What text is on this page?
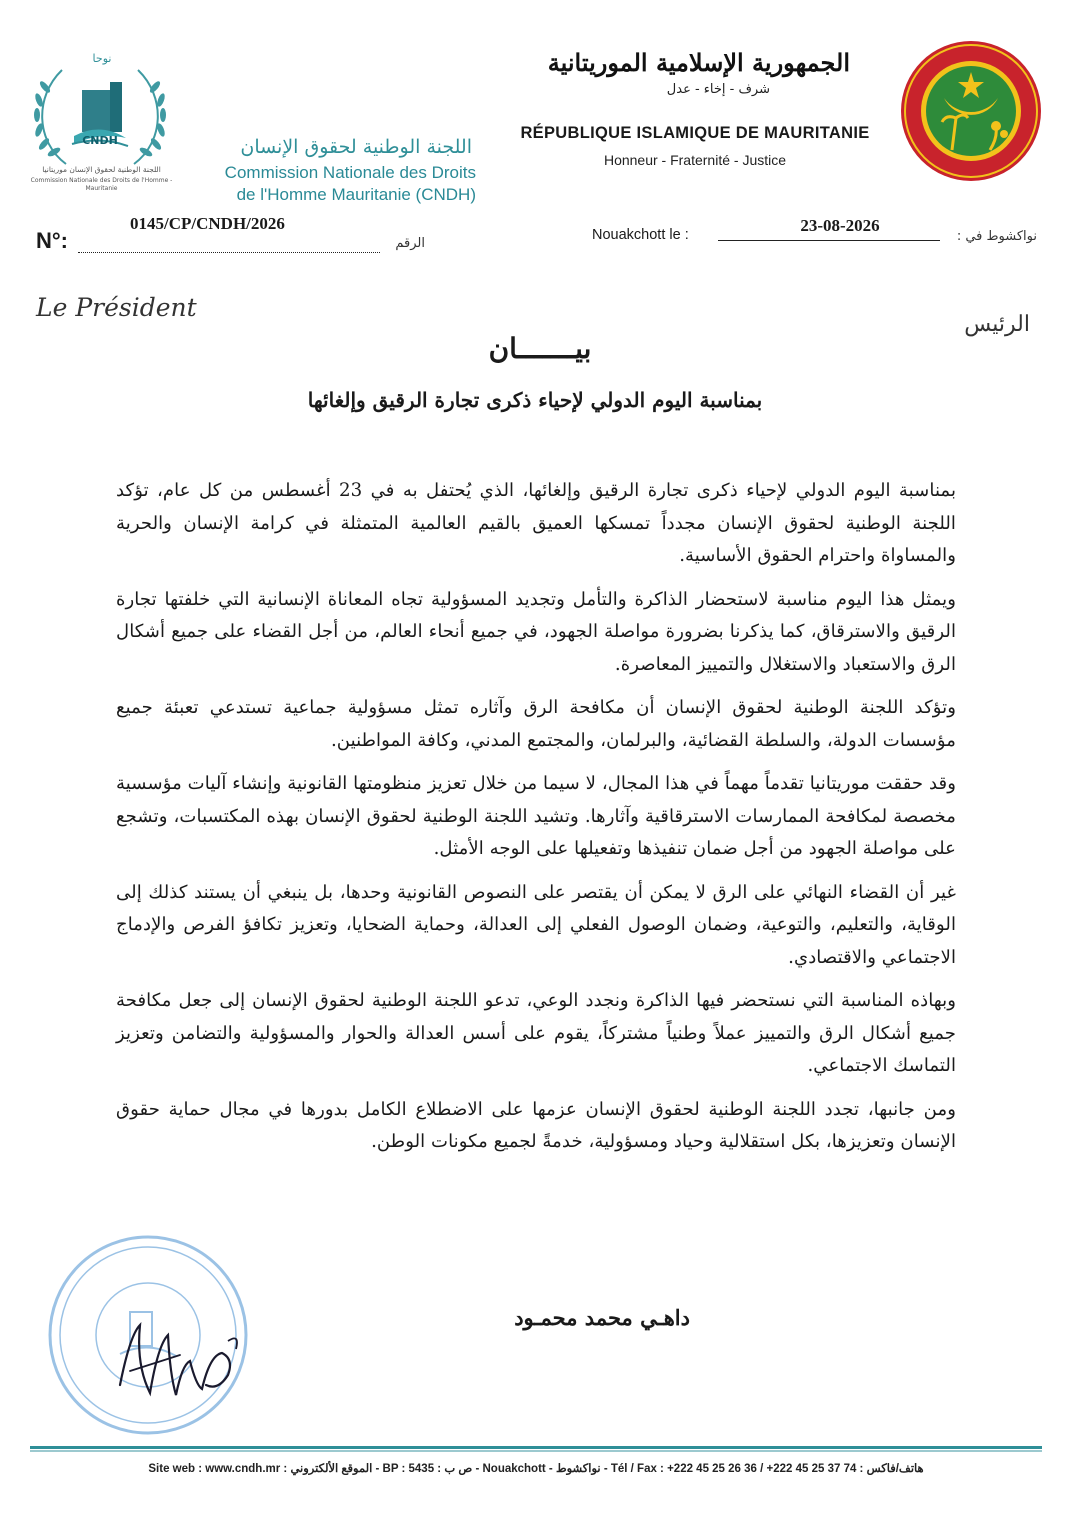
نوحا
CNDH
اللجنة الوطنية لحقوق الإنسان موريتانيا
Commission Nationale des Droits de l'Homme - Mauritanie
اللجنة الوطنية لحقوق الإنسان
Commission Nationale des Droits
de l'Homme Mauritanie (CNDH)
الجمهورية الإسلامية الموريتانية
شرف - إخاء - عدل
RÉPUBLIQUE ISLAMIQUE DE MAURITANIE
Honneur - Fraternité - Justice
0145/CP/CNDH/2026
N°:	الرقم
Nouakchott le :	23-08-2026
نواكشوط في :
Le Président
الرئيس
بيـــــــان
بمناسبة اليوم الدولي لإحياء ذكرى تجارة الرقيق وإلغائها

بمناسبة اليوم الدولي لإحياء ذكرى تجارة الرقيق وإلغائها، الذي يُحتفل به في 23 أغسطس من كل عام، تؤكد اللجنة الوطنية لحقوق الإنسان مجدداً تمسكها العميق بالقيم العالمية المتمثلة في كرامة الإنسان والحرية والمساواة واحترام الحقوق الأساسية.

ويمثل هذا اليوم مناسبة لاستحضار الذاكرة والتأمل وتجديد المسؤولية تجاه المعاناة الإنسانية التي خلفتها تجارة الرقيق والاسترقاق، كما يذكرنا بضرورة مواصلة الجهود، في جميع أنحاء العالم، من أجل القضاء على جميع أشكال الرق والاستعباد والاستغلال والتمييز المعاصرة.

وتؤكد اللجنة الوطنية لحقوق الإنسان أن مكافحة الرق وآثاره تمثل مسؤولية جماعية تستدعي تعبئة جميع مؤسسات الدولة، والسلطة القضائية، والبرلمان، والمجتمع المدني، وكافة المواطنين.

وقد حققت موريتانيا تقدماً مهماً في هذا المجال، لا سيما من خلال تعزيز منظومتها القانونية وإنشاء آليات مؤسسية مخصصة لمكافحة الممارسات الاسترقاقية وآثارها. وتشيد اللجنة الوطنية لحقوق الإنسان بهذه المكتسبات، وتشجع على مواصلة الجهود من أجل ضمان تنفيذها وتفعيلها على الوجه الأمثل.

غير أن القضاء النهائي على الرق لا يمكن أن يقتصر على النصوص القانونية وحدها، بل ينبغي أن يستند كذلك إلى الوقاية، والتعليم، والتوعية، وضمان الوصول الفعلي إلى العدالة، وحماية الضحايا، وتعزيز تكافؤ الفرص والإدماج الاجتماعي والاقتصادي.

وبهاذه المناسبة التي نستحضر فيها الذاكرة ونجدد الوعي، تدعو اللجنة الوطنية لحقوق الإنسان إلى جعل مكافحة جميع أشكال الرق والتمييز عملاً وطنياً مشتركاً، يقوم على أسس العدالة والحوار والمسؤولية والتضامن وتعزيز التماسك الاجتماعي.

ومن جانبها، تجدد اللجنة الوطنية لحقوق الإنسان عزمها على الاضطلاع الكامل بدورها في مجال حماية حقوق الإنسان وتعزيزها، بكل استقلالية وحياد ومسؤولية، خدمةً لجميع مكونات الوطن.

داهـي محمد محمـود
Site web : www.cndh.mr : الموقع الألكتروني - BP : 5435 : ص ب - Nouakchott - نواكشوط - Tél / Fax : +222 45 25 26 36 / +222 45 25 37 74 : هاتف/فاكس
